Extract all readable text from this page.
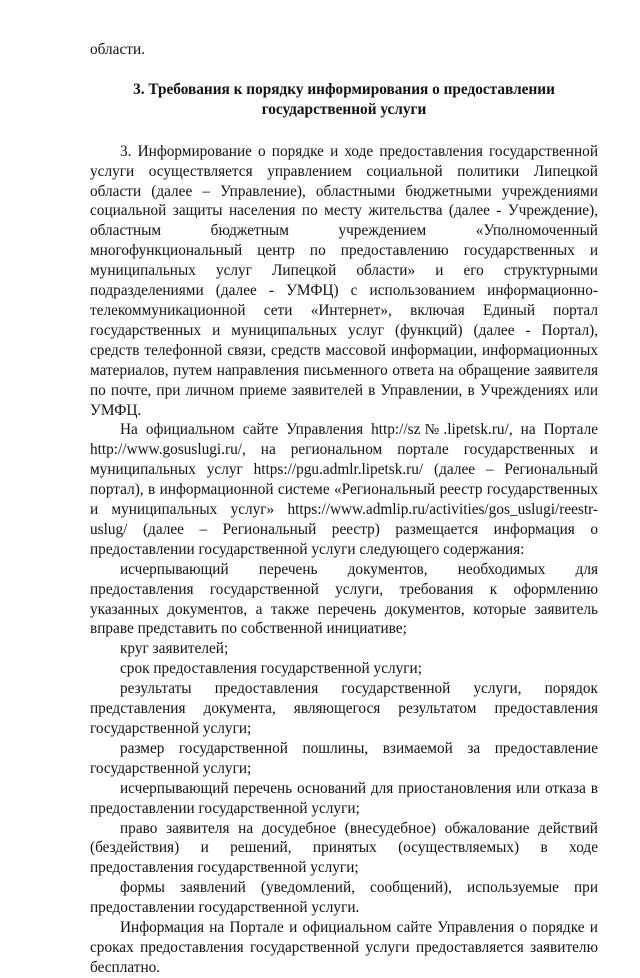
области.

3. Требования к порядку информирования о предоставлении
государственной услуги

3. Информирование о порядке и ходе предоставления государственной услуги осуществляется управлением социальной политики Липецкой области (далее – Управление), областными бюджетными учреждениями социальной защиты населения по месту жительства (далее - Учреждение), областным бюджетным учреждением «Уполномоченный многофункциональный центр по предоставлению государственных и муниципальных услуг Липецкой области» и его структурными подразделениями (далее - УМФЦ) с использованием информационно-телекоммуникационной сети «Интернет», включая Единый портал государственных и муниципальных услуг (функций) (далее - Портал), средств телефонной связи, средств массовой информации, информационных материалов, путем направления письменного ответа на обращение заявителя по почте, при личном приеме заявителей в Управлении, в Учреждениях или УМФЦ.

На официальном сайте Управления http://sz№.lipetsk.ru/, на Портале http://www.gosuslugi.ru/, на региональном портале государственных и муниципальных услуг https://pgu.admlr.lipetsk.ru/ (далее – Региональный портал), в информационной системе «Региональный реестр государственных и муниципальных услуг» https://www.admlip.ru/activities/gos_uslugi/reestr-uslug/ (далее – Региональный реестр) размещается информация о предоставлении государственной услуги следующего содержания:

исчерпывающий перечень документов, необходимых для предоставления государственной услуги, требования к оформлению указанных документов, а также перечень документов, которые заявитель вправе представить по собственной инициативе;

круг заявителей;

срок предоставления государственной услуги;

результаты предоставления государственной услуги, порядок представления документа, являющегося результатом предоставления государственной услуги;

размер государственной пошлины, взимаемой за предоставление государственной услуги;

исчерпывающий перечень оснований для приостановления или отказа в предоставлении государственной услуги;

право заявителя на досудебное (внесудебное) обжалование действий (бездействия) и решений, принятых (осуществляемых) в ходе предоставления государственной услуги;

формы заявлений (уведомлений, сообщений), используемые при предоставлении государственной услуги.

Информация на Портале и официальном сайте Управления о порядке и сроках предоставления государственной услуги предоставляется заявителю бесплатно.
